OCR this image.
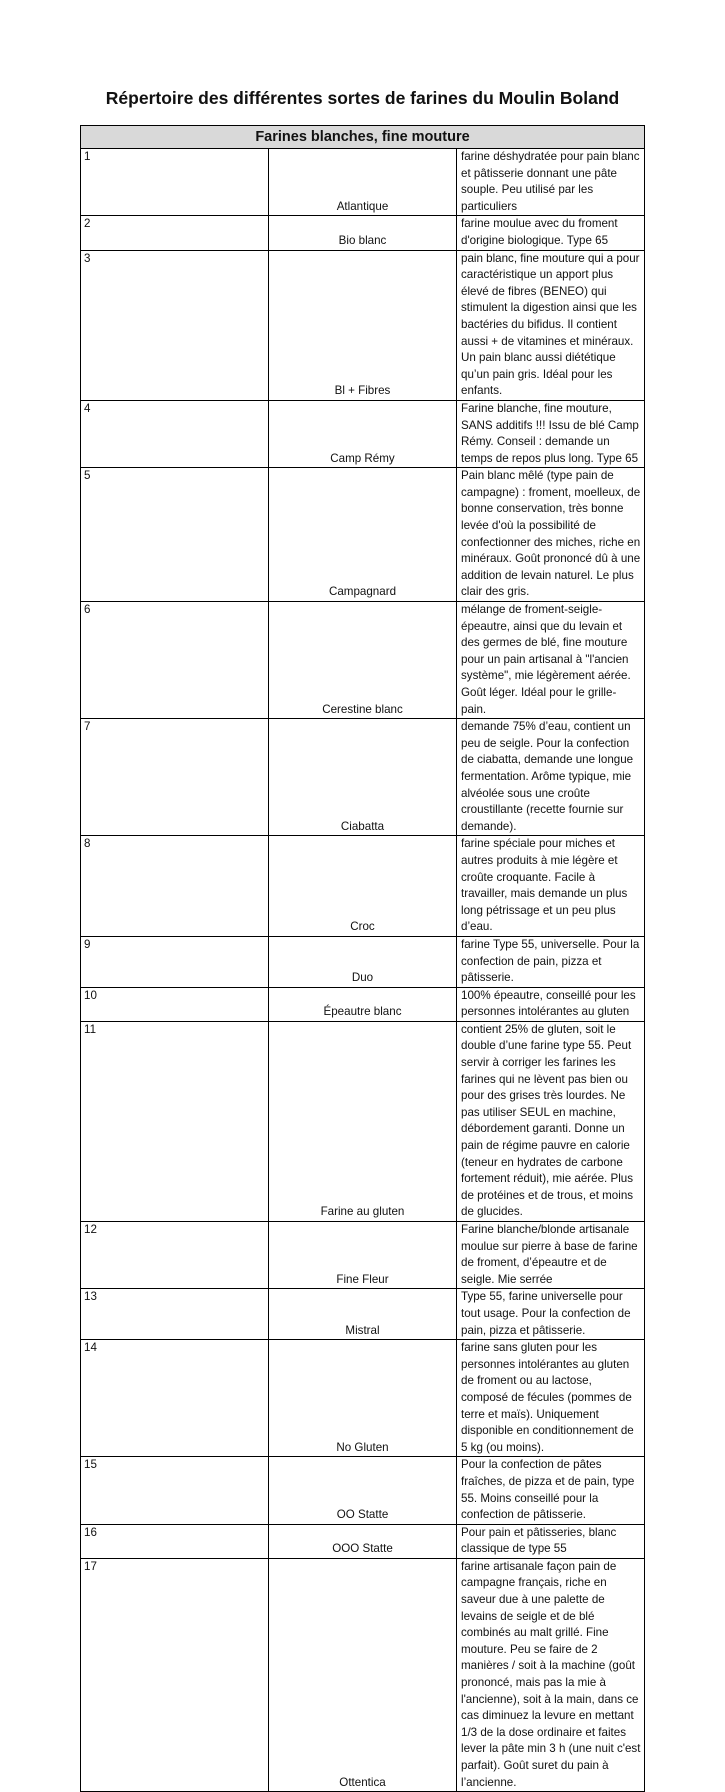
Répertoire des différentes sortes de farines du Moulin Boland
Farines blanches, fine mouture		
1	Atlantique	farine déshydratée pour pain blanc et pâtisserie donnant une pâte souple. Peu utilisé par les particuliers
2	Bio blanc	farine moulue avec du froment d'origine biologique. Type 65
3	Bl + Fibres	pain blanc, fine mouture qui a pour caractéristique un apport plus élevé de fibres (BENEO) qui stimulent la digestion ainsi que les bactéries du bifidus. Il contient aussi + de vitamines et minéraux. Un pain blanc aussi diététique qu’un pain gris. Idéal pour les enfants.
4	Camp Rémy	Farine blanche, fine mouture, SANS additifs !!! Issu de blé Camp Rémy. Conseil : demande un temps de repos plus long. Type 65
5	Campagnard	Pain blanc mêlé (type pain de campagne) : froment, moelleux, de bonne conservation, très bonne levée d'où la possibilité de confectionner des miches, riche en minéraux. Goût prononcé dû à une addition de levain naturel. Le plus clair des gris.
6	Cerestine blanc	mélange de froment-seigle-épeautre, ainsi que du levain et des germes de blé, fine mouture pour un pain artisanal à "l'ancien système", mie légèrement aérée. Goût léger. Idéal pour le grille-pain.
7	Ciabatta	demande 75% d’eau, contient un peu de seigle. Pour la confection de ciabatta, demande une longue fermentation. Arôme typique, mie alvéolée sous une croûte croustillante (recette fournie sur demande).
8	Croc	farine spéciale pour miches et autres produits à mie légère et croûte croquante. Facile à travailler, mais demande un plus long pétrissage et un peu plus d’eau.
9	Duo	farine Type 55, universelle. Pour la confection de pain, pizza et pâtisserie.
10	Épeautre blanc	100% épeautre, conseillé pour les personnes intolérantes au gluten
11	Farine au gluten	contient 25% de gluten, soit le double d’une farine type 55. Peut servir à corriger les farines les farines qui ne lèvent pas bien ou pour des grises très lourdes. Ne pas utiliser SEUL en machine, débordement garanti. Donne un pain de régime pauvre en calorie (teneur en hydrates de carbone fortement réduit), mie aérée. Plus de protéines et de trous, et moins de glucides.
12	Fine Fleur	Farine blanche/blonde artisanale moulue sur pierre à base de farine de froment, d’épeautre et de seigle. Mie serrée
13	Mistral	Type 55, farine universelle pour tout usage. Pour la confection de pain, pizza et pâtisserie.
14	No Gluten	farine sans gluten pour les personnes intolérantes au gluten de froment ou au lactose, composé de fécules (pommes de terre et maïs). Uniquement disponible en conditionnement de 5 kg (ou moins).
15	OO Statte	Pour la confection de pâtes fraîches, de pizza et de pain, type 55. Moins conseillé pour la confection de pâtisserie.
16	OOO Statte	Pour pain et pâtisseries, blanc classique de type 55
17	Ottentica	farine artisanale façon pain de campagne français, riche en saveur due à une palette de levains de seigle et de blé combinés au malt grillé. Fine mouture. Peu se faire de 2 manières / soit à la machine (goût prononcé, mais pas la mie à l'ancienne), soit à la main, dans ce cas diminuez la levure en mettant 1/3 de la dose ordinaire et faites lever la pâte min 3 h (une nuit c'est parfait). Goût suret du pain à l’ancienne.
